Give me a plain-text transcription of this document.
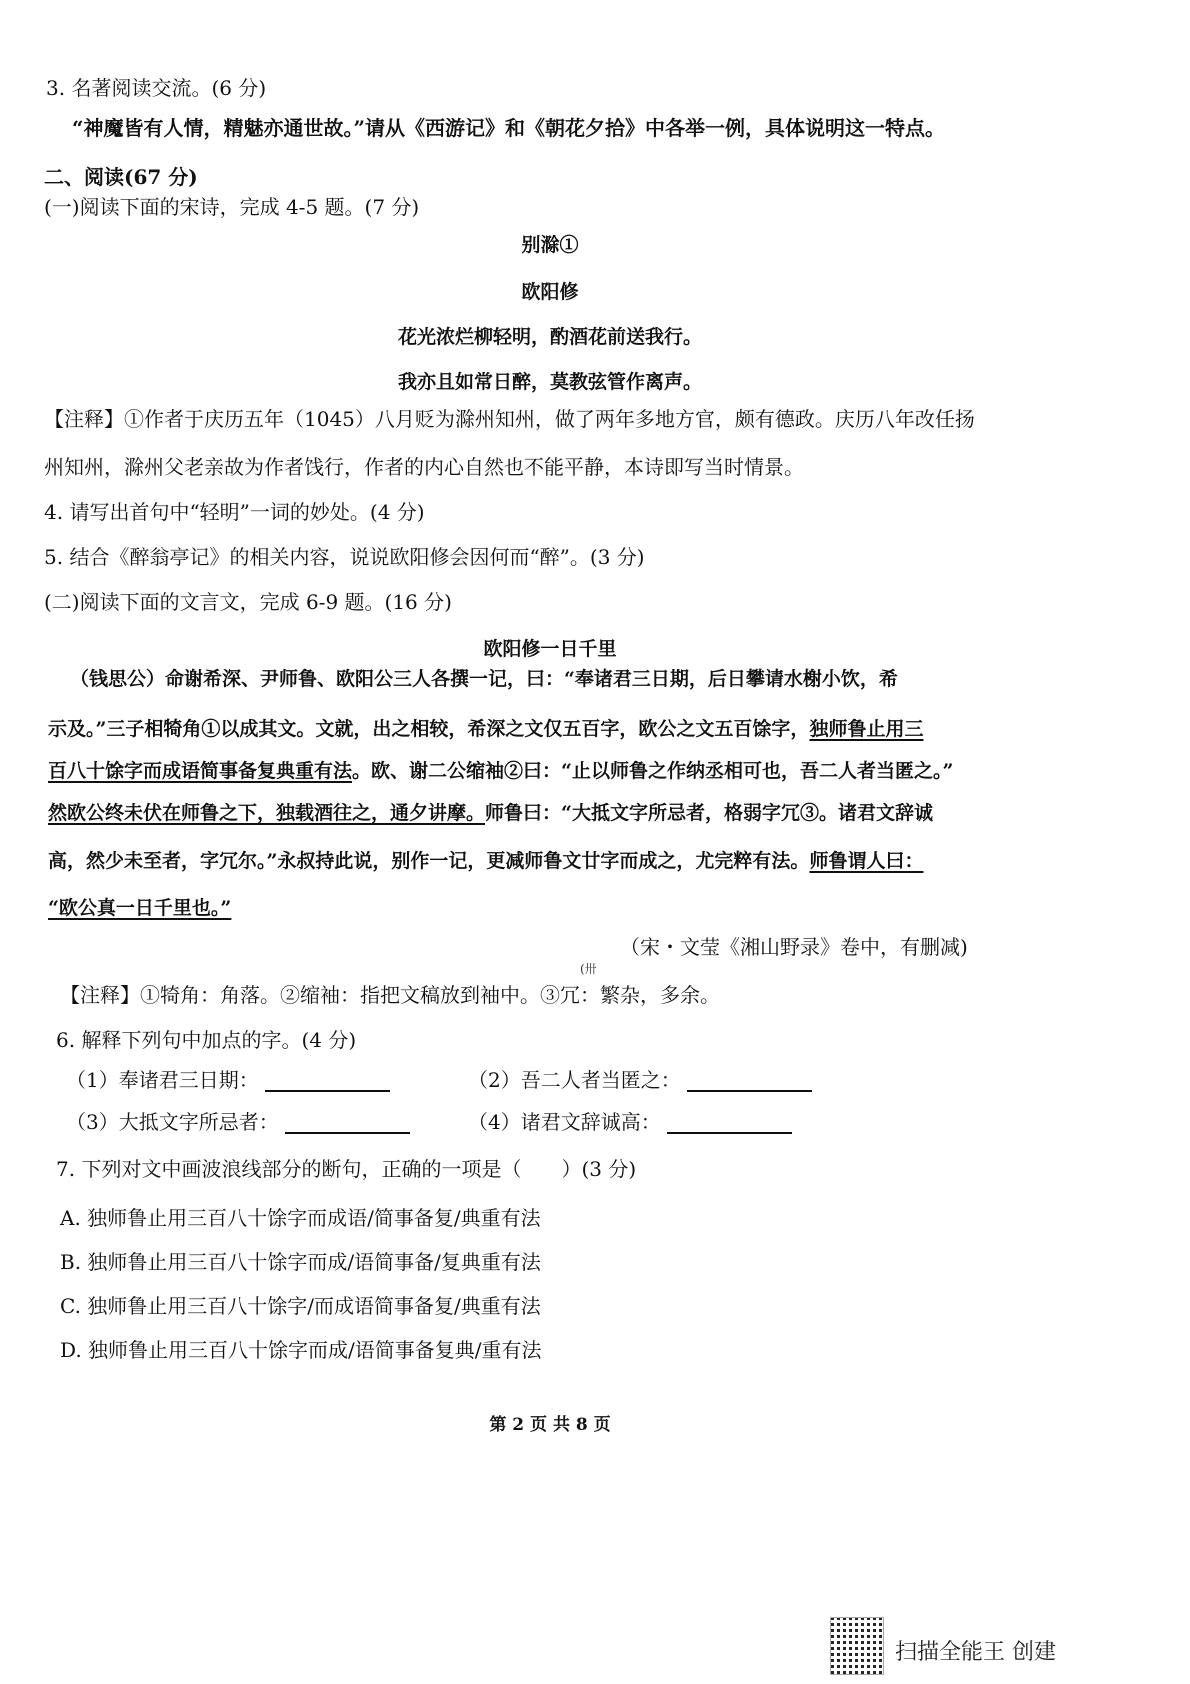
3. 名著阅读交流。(6 分)
“神魔皆有人情，精魅亦通世故。”请从《西游记》和《朝花夕拾》中各举一例，具体说明这一特点。
二、阅读(67 分)
(一)阅读下面的宋诗，完成 4-5 题。(7 分)
别滁①
欧阳修
花光浓烂柳轻明，酌酒花前送我行。
我亦且如常日醉，莫教弦管作离声。
【注释】①作者于庆历五年（1045）八月贬为滁州知州，做了两年多地方官，颇有德政。庆历八年改任扬
州知州，滁州父老亲故为作者饯行，作者的内心自然也不能平静，本诗即写当时情景。
4. 请写出首句中“轻明”一词的妙处。(4 分)
5. 结合《醉翁亭记》的相关内容，说说欧阳修会因何而“醉”。(3 分)
(二)阅读下面的文言文，完成 6-9 题。(16 分)
欧阳修一日千里
（钱思公）命谢希深、尹师鲁、欧阳公三人各撰一记，曰：“奉诸君三日期，后日攀请水榭小饮，希
示及。”三子相犄角①以成其文。文就，出之相较，希深之文仅五百字，欧公之文五百馀字，独师鲁止用三
百八十馀字而成语简事备复典重有法。欧、谢二公缩袖②曰：“止以师鲁之作纳丞相可也，吾二人者当匿之。”
然欧公终未伏在师鲁之下，独载酒往之，通夕讲摩。师鲁曰：“大抵文字所忌者，格弱字冗③。诸君文辞诚
高，然少未至者，字冗尔。”永叔持此说，别作一记，更减师鲁文廿字而成之，尤完粹有法。师鲁谓人曰：
“欧公真一日千里也。”
（宋・文莹《湘山野录》卷中，有删减)
(卅
【注释】①犄角：角落。②缩袖：指把文稿放到袖中。③冗：繁杂，多余。
6. 解释下列句中加点的字。(4 分)
（1）奉诸君三日期：	（2）吾二人者当匿之：
（3）大抵文字所忌者：	（4）诸君文辞诚高：
7. 下列对文中画波浪线部分的断句，正确的一项是（　　）(3 分)
A. 独师鲁止用三百八十馀字而成语/简事备复/典重有法
B. 独师鲁止用三百八十馀字而成/语简事备/复典重有法
C. 独师鲁止用三百八十馀字/而成语简事备复/典重有法
D. 独师鲁止用三百八十馀字而成/语简事备复典/重有法
第 2 页 共 8 页
扫描全能王 创建
